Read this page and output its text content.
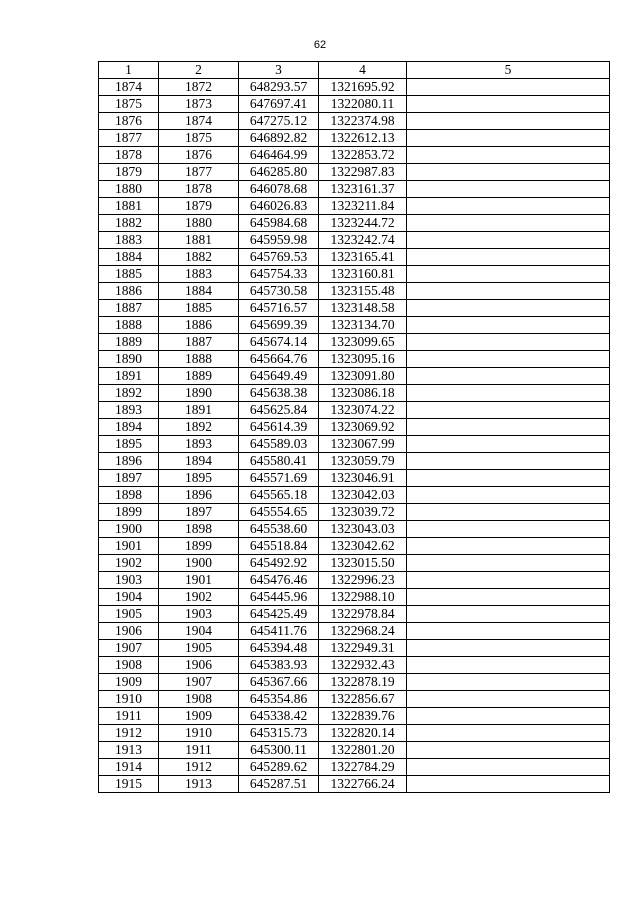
62
1	2	3	4	5
1874	1872	648293.57	1321695.92	
1875	1873	647697.41	1322080.11	
1876	1874	647275.12	1322374.98	
1877	1875	646892.82	1322612.13	
1878	1876	646464.99	1322853.72	
1879	1877	646285.80	1322987.83	
1880	1878	646078.68	1323161.37	
1881	1879	646026.83	1323211.84	
1882	1880	645984.68	1323244.72	
1883	1881	645959.98	1323242.74	
1884	1882	645769.53	1323165.41	
1885	1883	645754.33	1323160.81	
1886	1884	645730.58	1323155.48	
1887	1885	645716.57	1323148.58	
1888	1886	645699.39	1323134.70	
1889	1887	645674.14	1323099.65	
1890	1888	645664.76	1323095.16	
1891	1889	645649.49	1323091.80	
1892	1890	645638.38	1323086.18	
1893	1891	645625.84	1323074.22	
1894	1892	645614.39	1323069.92	
1895	1893	645589.03	1323067.99	
1896	1894	645580.41	1323059.79	
1897	1895	645571.69	1323046.91	
1898	1896	645565.18	1323042.03	
1899	1897	645554.65	1323039.72	
1900	1898	645538.60	1323043.03	
1901	1899	645518.84	1323042.62	
1902	1900	645492.92	1323015.50	
1903	1901	645476.46	1322996.23	
1904	1902	645445.96	1322988.10	
1905	1903	645425.49	1322978.84	
1906	1904	645411.76	1322968.24	
1907	1905	645394.48	1322949.31	
1908	1906	645383.93	1322932.43	
1909	1907	645367.66	1322878.19	
1910	1908	645354.86	1322856.67	
1911	1909	645338.42	1322839.76	
1912	1910	645315.73	1322820.14	
1913	1911	645300.11	1322801.20	
1914	1912	645289.62	1322784.29	
1915	1913	645287.51	1322766.24	
